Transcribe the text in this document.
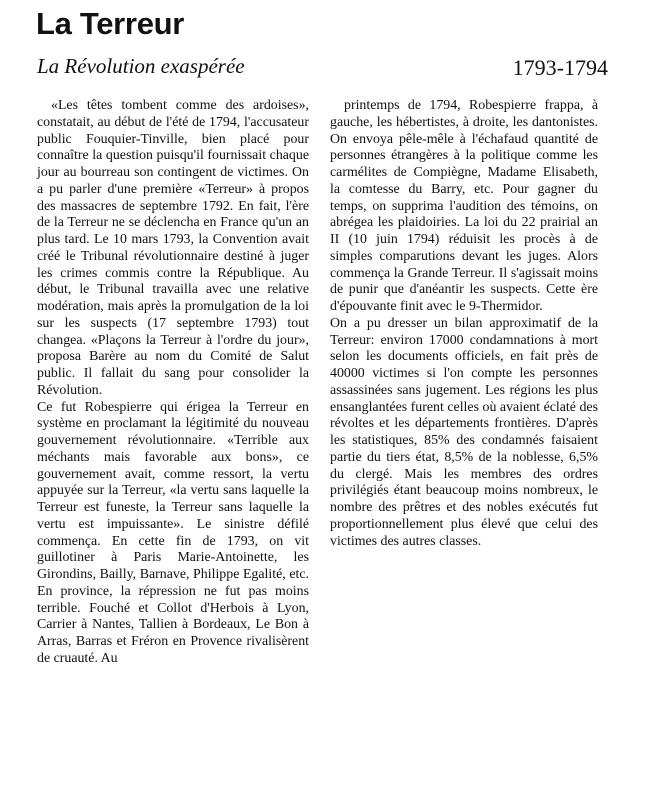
La Terreur
La Révolution exaspérée	1793-1794

«Les têtes tombent comme des ardoises», constatait, au début de l'été de 1794, l'accusateur public Fouquier-Tinville, bien placé pour connaître la question puisqu'il fournissait chaque jour au bourreau son contingent de victimes. On a pu parler d'une première «Terreur» à propos des massacres de septembre 1792. En fait, l'ère de la Terreur ne se déclencha en France qu'un an plus tard. Le 10 mars 1793, la Convention avait créé le Tribunal révolutionnaire destiné à juger les crimes commis contre la République. Au début, le Tribunal travailla avec une relative modération, mais après la promulgation de la loi sur les suspects (17 septembre 1793) tout changea. «Plaçons la Terreur à l'ordre du jour», proposa Barère au nom du Comité de Salut public. Il fallait du sang pour consolider la Révolution.

Ce fut Robespierre qui érigea la Terreur en système en proclamant la légitimité du nouveau gouvernement révolutionnaire. «Terrible aux méchants mais favorable aux bons», ce gouvernement avait, comme ressort, la vertu appuyée sur la Terreur, «la vertu sans laquelle la Terreur est funeste, la Terreur sans laquelle la vertu est impuissante». Le sinistre défilé commença. En cette fin de 1793, on vit guillotiner à Paris Marie-Antoinette, les Girondins, Bailly, Barnave, Philippe Egalité, etc. En province, la répression ne fut pas moins terrible. Fouché et Collot d'Herbois à Lyon, Carrier à Nantes, Tallien à Bordeaux, Le Bon à Arras, Barras et Fréron en Provence rivalisèrent de cruauté. Au

printemps de 1794, Robespierre frappa, à gauche, les hébertistes, à droite, les dantonistes. On envoya pêle-mêle à l'échafaud quantité de personnes étrangères à la politique comme les carmélites de Compiègne, Madame Elisabeth, la comtesse du Barry, etc. Pour gagner du temps, on supprima l'audition des témoins, on abrégea les plaidoiries. La loi du 22 prairial an II (10 juin 1794) réduisit les procès à de simples comparutions devant les juges. Alors commença la Grande Terreur. Il s'agissait moins de punir que d'anéantir les suspects. Cette ère d'épouvante finit avec le 9-Thermidor.

On a pu dresser un bilan approximatif de la Terreur: environ 17000 condamnations à mort selon les documents officiels, en fait près de 40000 victimes si l'on compte les personnes assassinées sans jugement. Les régions les plus ensanglantées furent celles où avaient éclaté des révoltes et les départements frontières. D'après les statistiques, 85% des condamnés faisaient partie du tiers état, 8,5% de la noblesse, 6,5% du clergé. Mais les membres des ordres privilégiés étant beaucoup moins nombreux, le nombre des prêtres et des nobles exécutés fut proportionnellement plus élevé que celui des victimes des autres classes.
